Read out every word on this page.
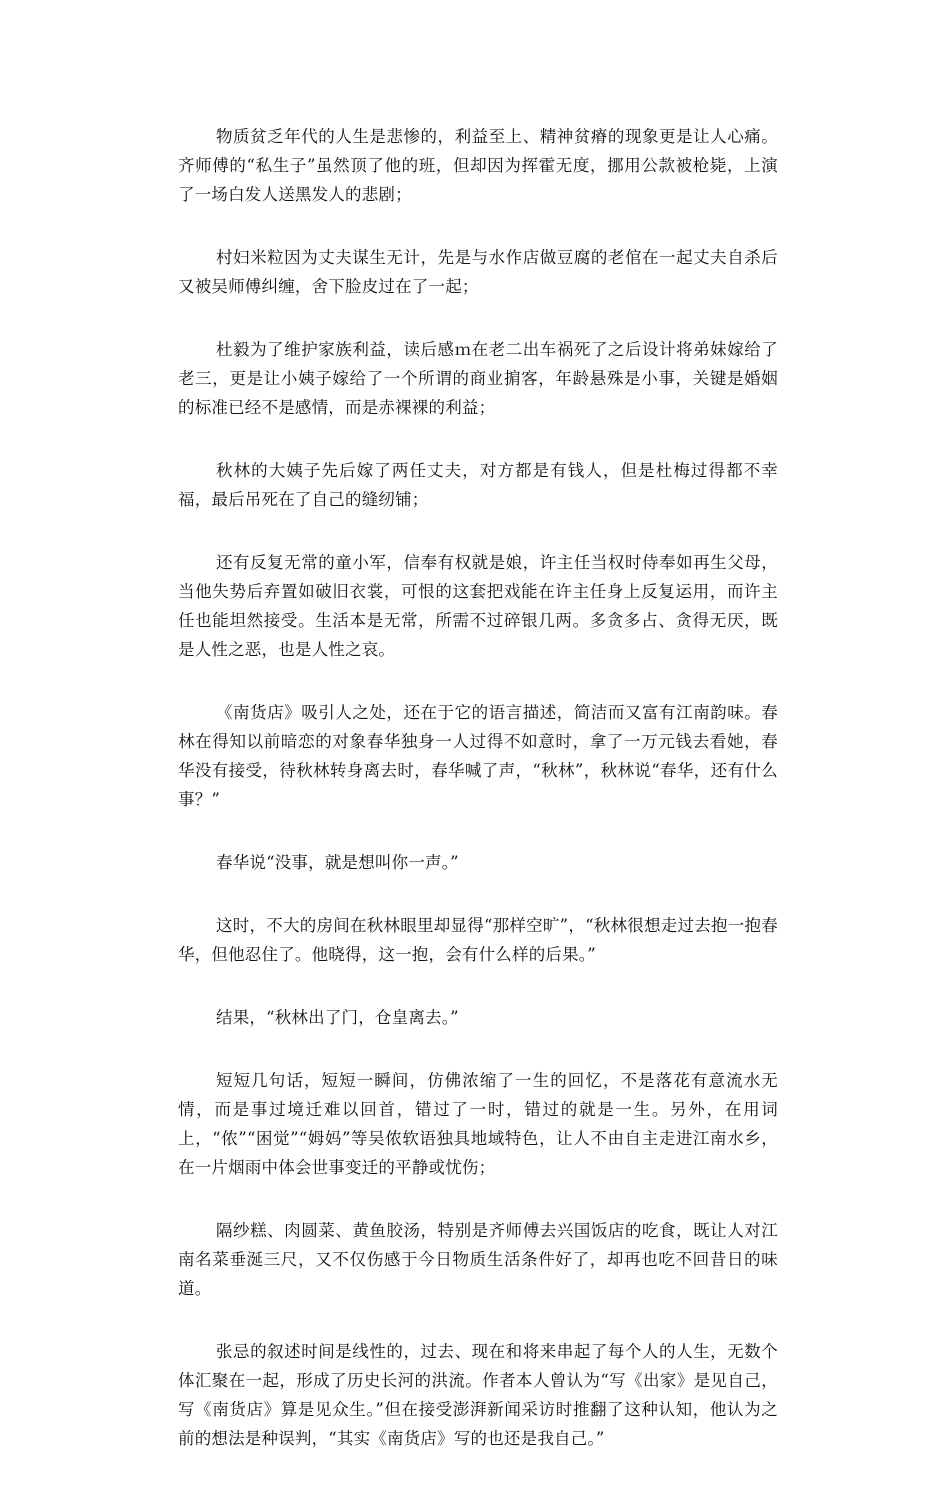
物质贫乏年代的人生是悲惨的，利益至上、精神贫瘠的现象更是让人心痛。齐师傅的“私生子”虽然顶了他的班，但却因为挥霍无度，挪用公款被枪毙，上演了一场白发人送黑发人的悲剧；

村妇米粒因为丈夫谋生无计，先是与水作店做豆腐的老倌在一起丈夫自杀后又被吴师傅纠缠，舍下脸皮过在了一起；

杜毅为了维护家族利益，读后感ｍ在老二出车祸死了之后设计将弟妹嫁给了老三，更是让小姨子嫁给了一个所谓的商业掮客，年龄悬殊是小事，关键是婚姻的标准已经不是感情，而是赤裸裸的利益；

秋林的大姨子先后嫁了两任丈夫，对方都是有钱人，但是杜梅过得都不幸福，最后吊死在了自己的缝纫铺；

还有反复无常的童小军，信奉有权就是娘，许主任当权时侍奉如再生父母，当他失势后弃置如破旧衣裳，可恨的这套把戏能在许主任身上反复运用，而许主任也能坦然接受。生活本是无常，所需不过碎银几两。多贪多占、贪得无厌，既是人性之恶，也是人性之哀。

《南货店》吸引人之处，还在于它的语言描述，简洁而又富有江南韵味。春林在得知以前暗恋的对象春华独身一人过得不如意时，拿了一万元钱去看她，春华没有接受，待秋林转身离去时，春华喊了声，“秋林”，秋林说“春华，还有什么事？”

春华说“没事，就是想叫你一声。”

这时，不大的房间在秋林眼里却显得“那样空旷”，“秋林很想走过去抱一抱春华，但他忍住了。他晓得，这一抱，会有什么样的后果。”

结果，“秋林出了门，仓皇离去。”

短短几句话，短短一瞬间，仿佛浓缩了一生的回忆，不是落花有意流水无情，而是事过境迁难以回首，错过了一时，错过的就是一生。另外，在用词上，“侬”“困觉”“姆妈”等吴侬软语独具地域特色，让人不由自主走进江南水乡，在一片烟雨中体会世事变迁的平静或忧伤；

隔纱糕、肉圆菜、黄鱼胶汤，特别是齐师傅去兴国饭店的吃食，既让人对江南名菜垂涎三尺，又不仅伤感于今日物质生活条件好了，却再也吃不回昔日的味道。

张忌的叙述时间是线性的，过去、现在和将来串起了每个人的人生，无数个体汇聚在一起，形成了历史长河的洪流。作者本人曾认为“写《出家》是见自己，写《南货店》算是见众生。”但在接受澎湃新闻采访时推翻了这种认知，他认为之前的想法是种误判，“其实《南货店》写的也还是我自己。”
